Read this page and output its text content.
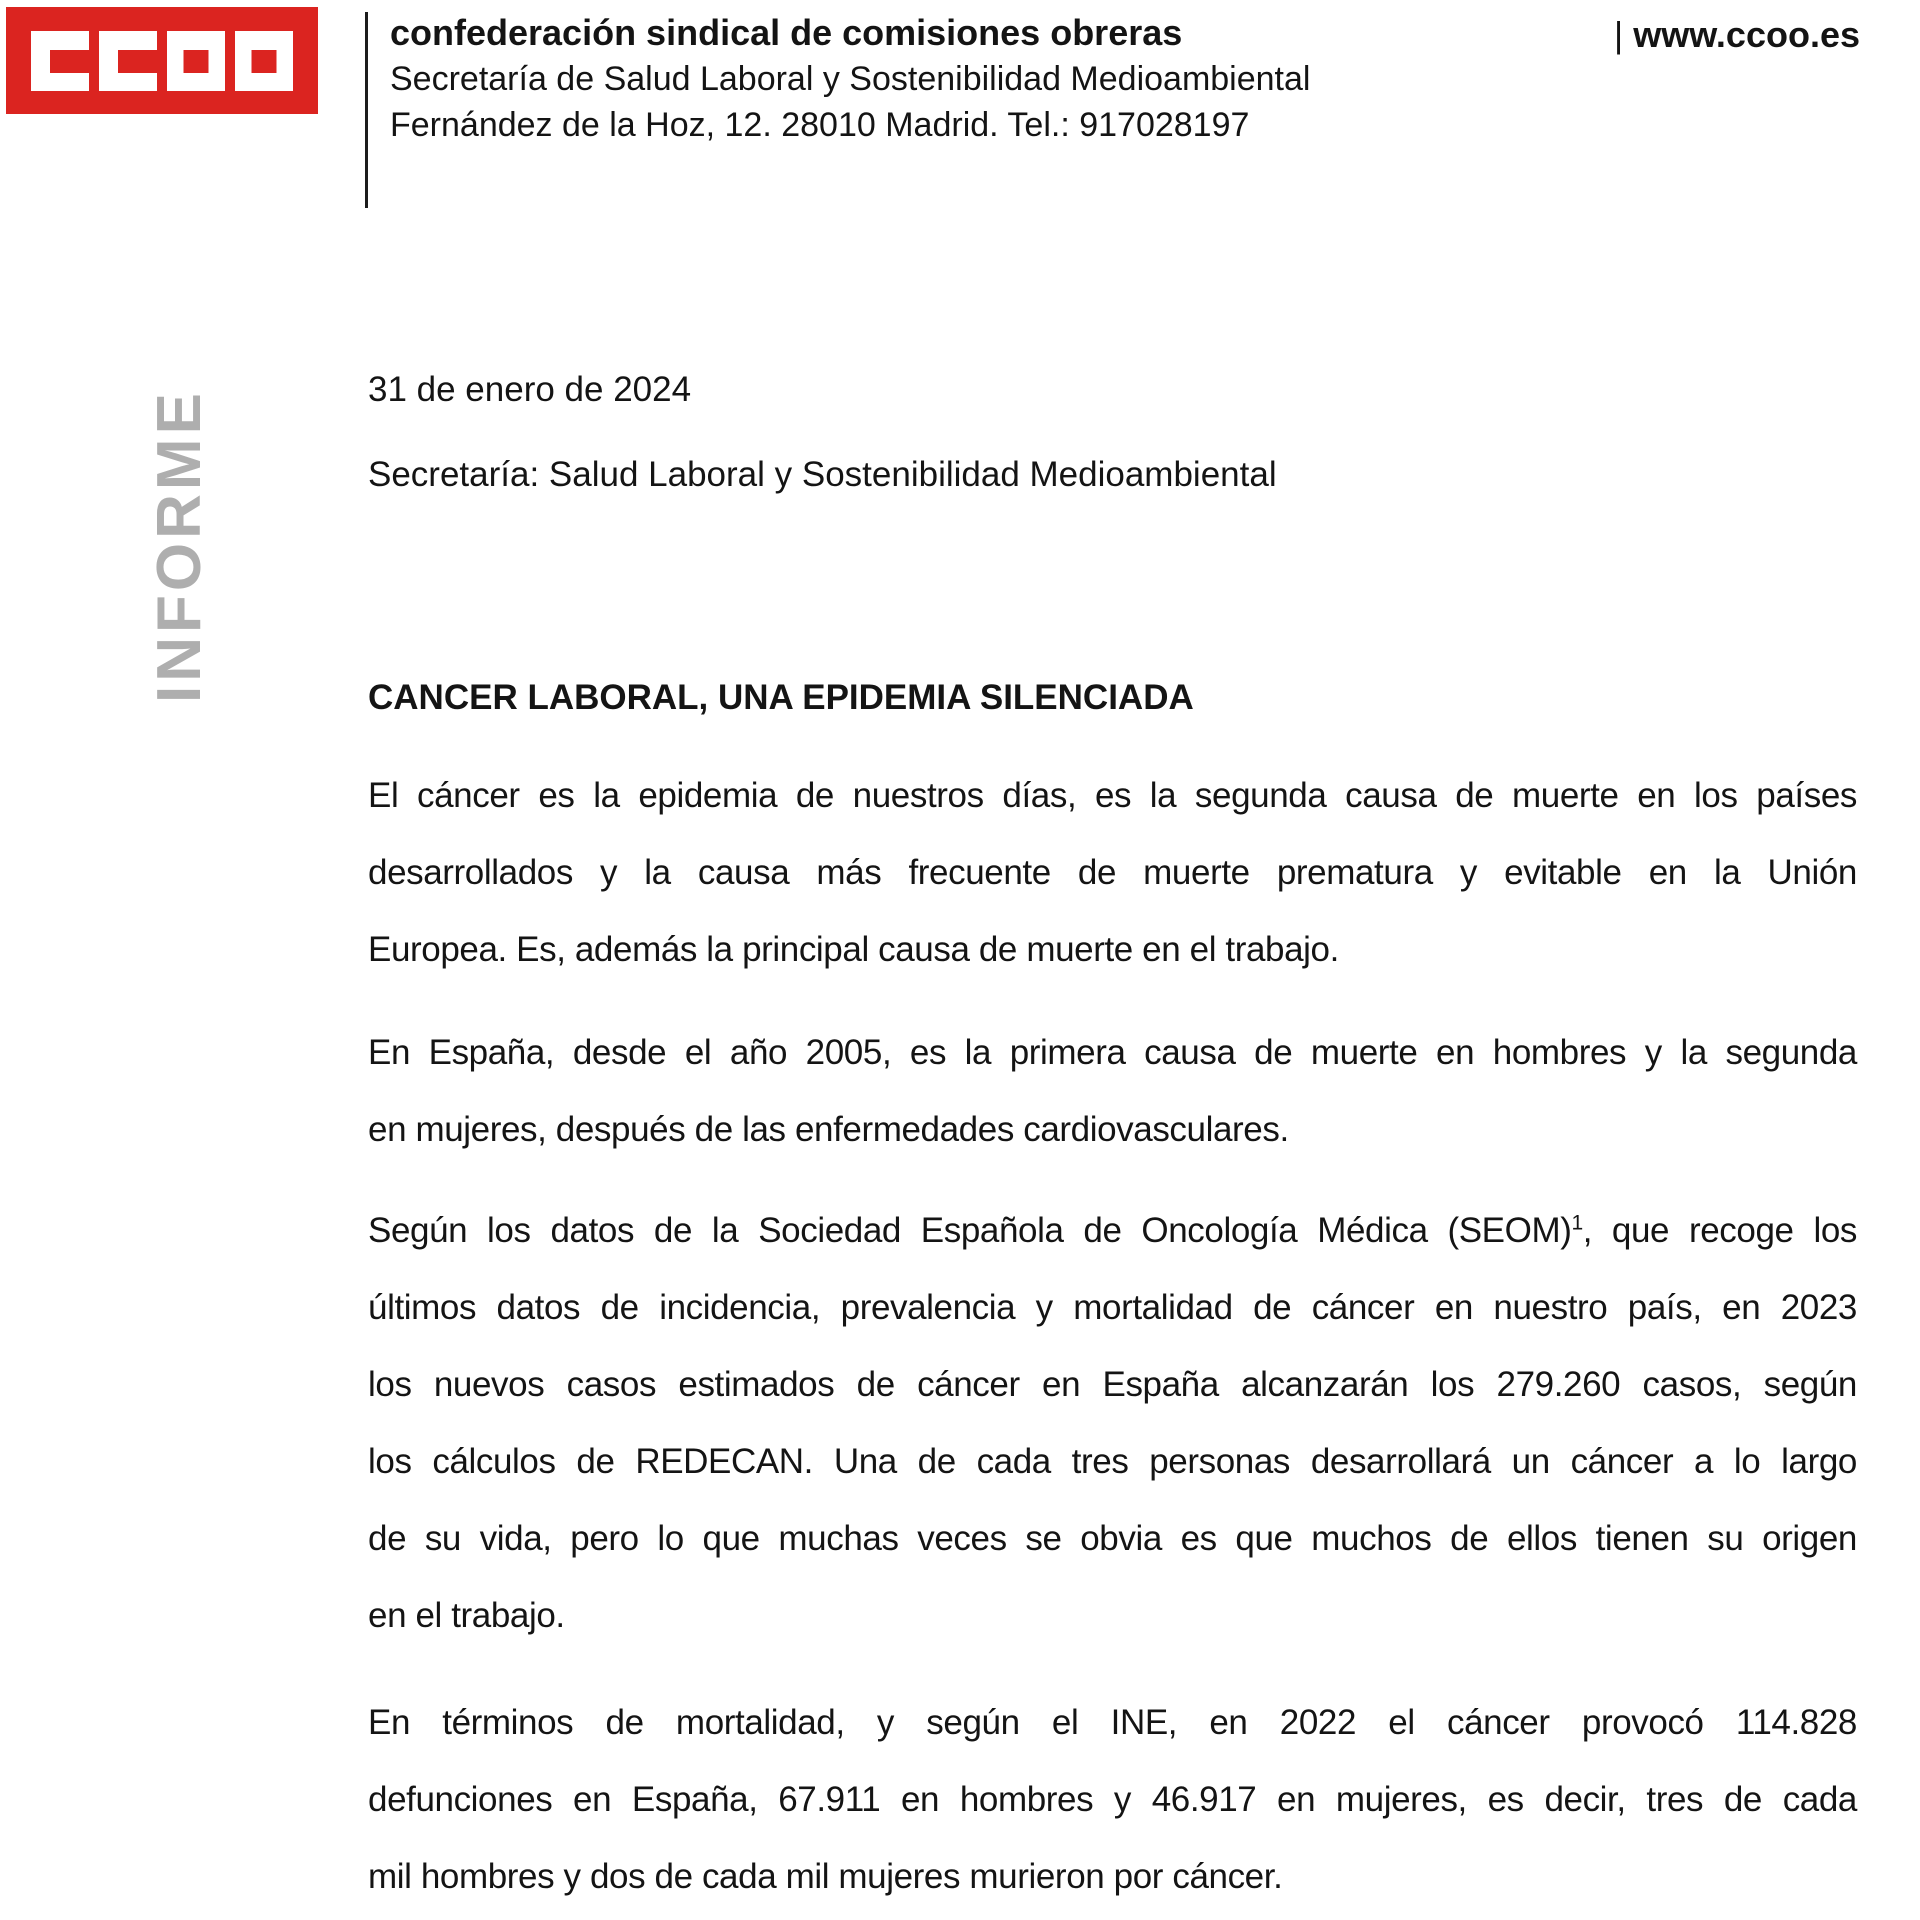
confederación sindical de comisiones obreras
Secretaría de Salud Laboral y Sostenibilidad Medioambiental
Fernández de la Hoz, 12. 28010 Madrid. Tel.: 917028197
| www.ccoo.es
INFORME	31 de enero de 2024
Secretaría: Salud Laboral y Sostenibilidad Medioambiental
CANCER LABORAL, UNA EPIDEMIA SILENCIADA

El cáncer es la epidemia de nuestros días, es la segunda causa de muerte en los países
desarrollados y la causa más frecuente de muerte prematura y evitable en la Unión
Europea. Es, además la principal causa de muerte en el trabajo.

En España, desde el año 2005, es la primera causa de muerte en hombres y la segunda
en mujeres, después de las enfermedades cardiovasculares.

Según los datos de la Sociedad Española de Oncología Médica (SEOM)$^1$, que recoge los
últimos datos de incidencia, prevalencia y mortalidad de cáncer en nuestro país, en 2023
los nuevos casos estimados de cáncer en España alcanzarán los 279.260 casos, según
los cálculos de REDECAN. Una de cada tres personas desarrollará un cáncer a lo largo
de su vida, pero lo que muchas veces se obvia es que muchos de ellos tienen su origen
en el trabajo.

En términos de mortalidad, y según el INE, en 2022 el cáncer provocó 114.828
defunciones en España, 67.911 en hombres y 46.917 en mujeres, es decir, tres de cada
mil hombres y dos de cada mil mujeres murieron por cáncer.
